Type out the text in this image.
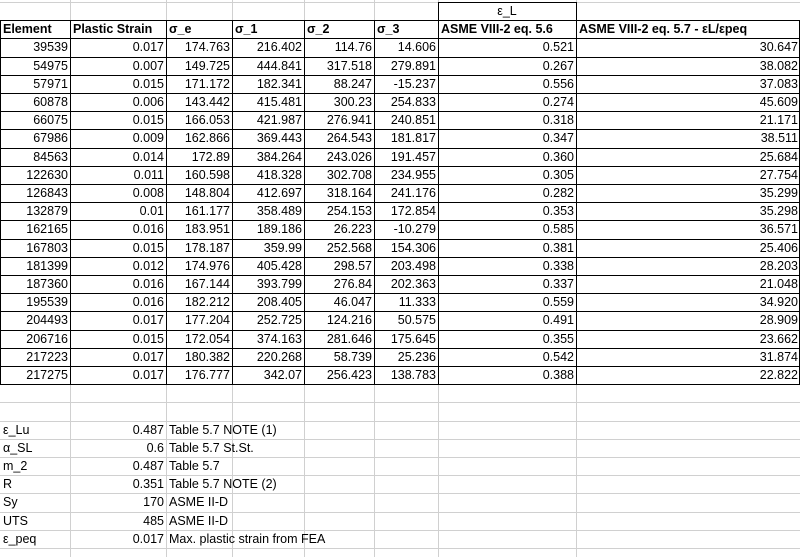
ε_L
Element	Plastic Strain	σ_e	σ_1	σ_2	σ_3	ASME VIII-2 eq. 5.6	ASME VIII-2 eq. 5.7 - εL/εpeq
39539	0.017	174.763	216.402	114.76	14.606	0.521	30.647
54975	0.007	149.725	444.841	317.518	279.891	0.267	38.082
57971	0.015	171.172	182.341	88.247	-15.237	0.556	37.083
60878	0.006	143.442	415.481	300.23	254.833	0.274	45.609
66075	0.015	166.053	421.987	276.941	240.851	0.318	21.171
67986	0.009	162.866	369.443	264.543	181.817	0.347	38.511
84563	0.014	172.89	384.264	243.026	191.457	0.360	25.684
122630	0.011	160.598	418.328	302.708	234.955	0.305	27.754
126843	0.008	148.804	412.697	318.164	241.176	0.282	35.299
132879	0.01	161.177	358.489	254.153	172.854	0.353	35.298
162165	0.016	183.951	189.186	26.223	-10.279	0.585	36.571
167803	0.015	178.187	359.99	252.568	154.306	0.381	25.406
181399	0.012	174.976	405.428	298.57	203.498	0.338	28.203
187360	0.016	167.144	393.799	276.84	202.363	0.337	21.048
195539	0.016	182.212	208.405	46.047	11.333	0.559	34.920
204493	0.017	177.204	252.725	124.216	50.575	0.491	28.909
206716	0.015	172.054	374.163	281.646	175.645	0.355	23.662
217223	0.017	180.382	220.268	58.739	25.236	0.542	31.874
217275	0.017	176.777	342.07	256.423	138.783	0.388	22.822
ε_Lu	0.487 Table 5.7 NOTE (1)
α_SL	0.6 Table 5.7 St.St.
m_2	0.487 Table 5.7
R	0.351 Table 5.7 NOTE (2)
Sy	170 ASME II-D
UTS	485 ASME II-D
ε_peq	0.017 Max. plastic strain from FEA
